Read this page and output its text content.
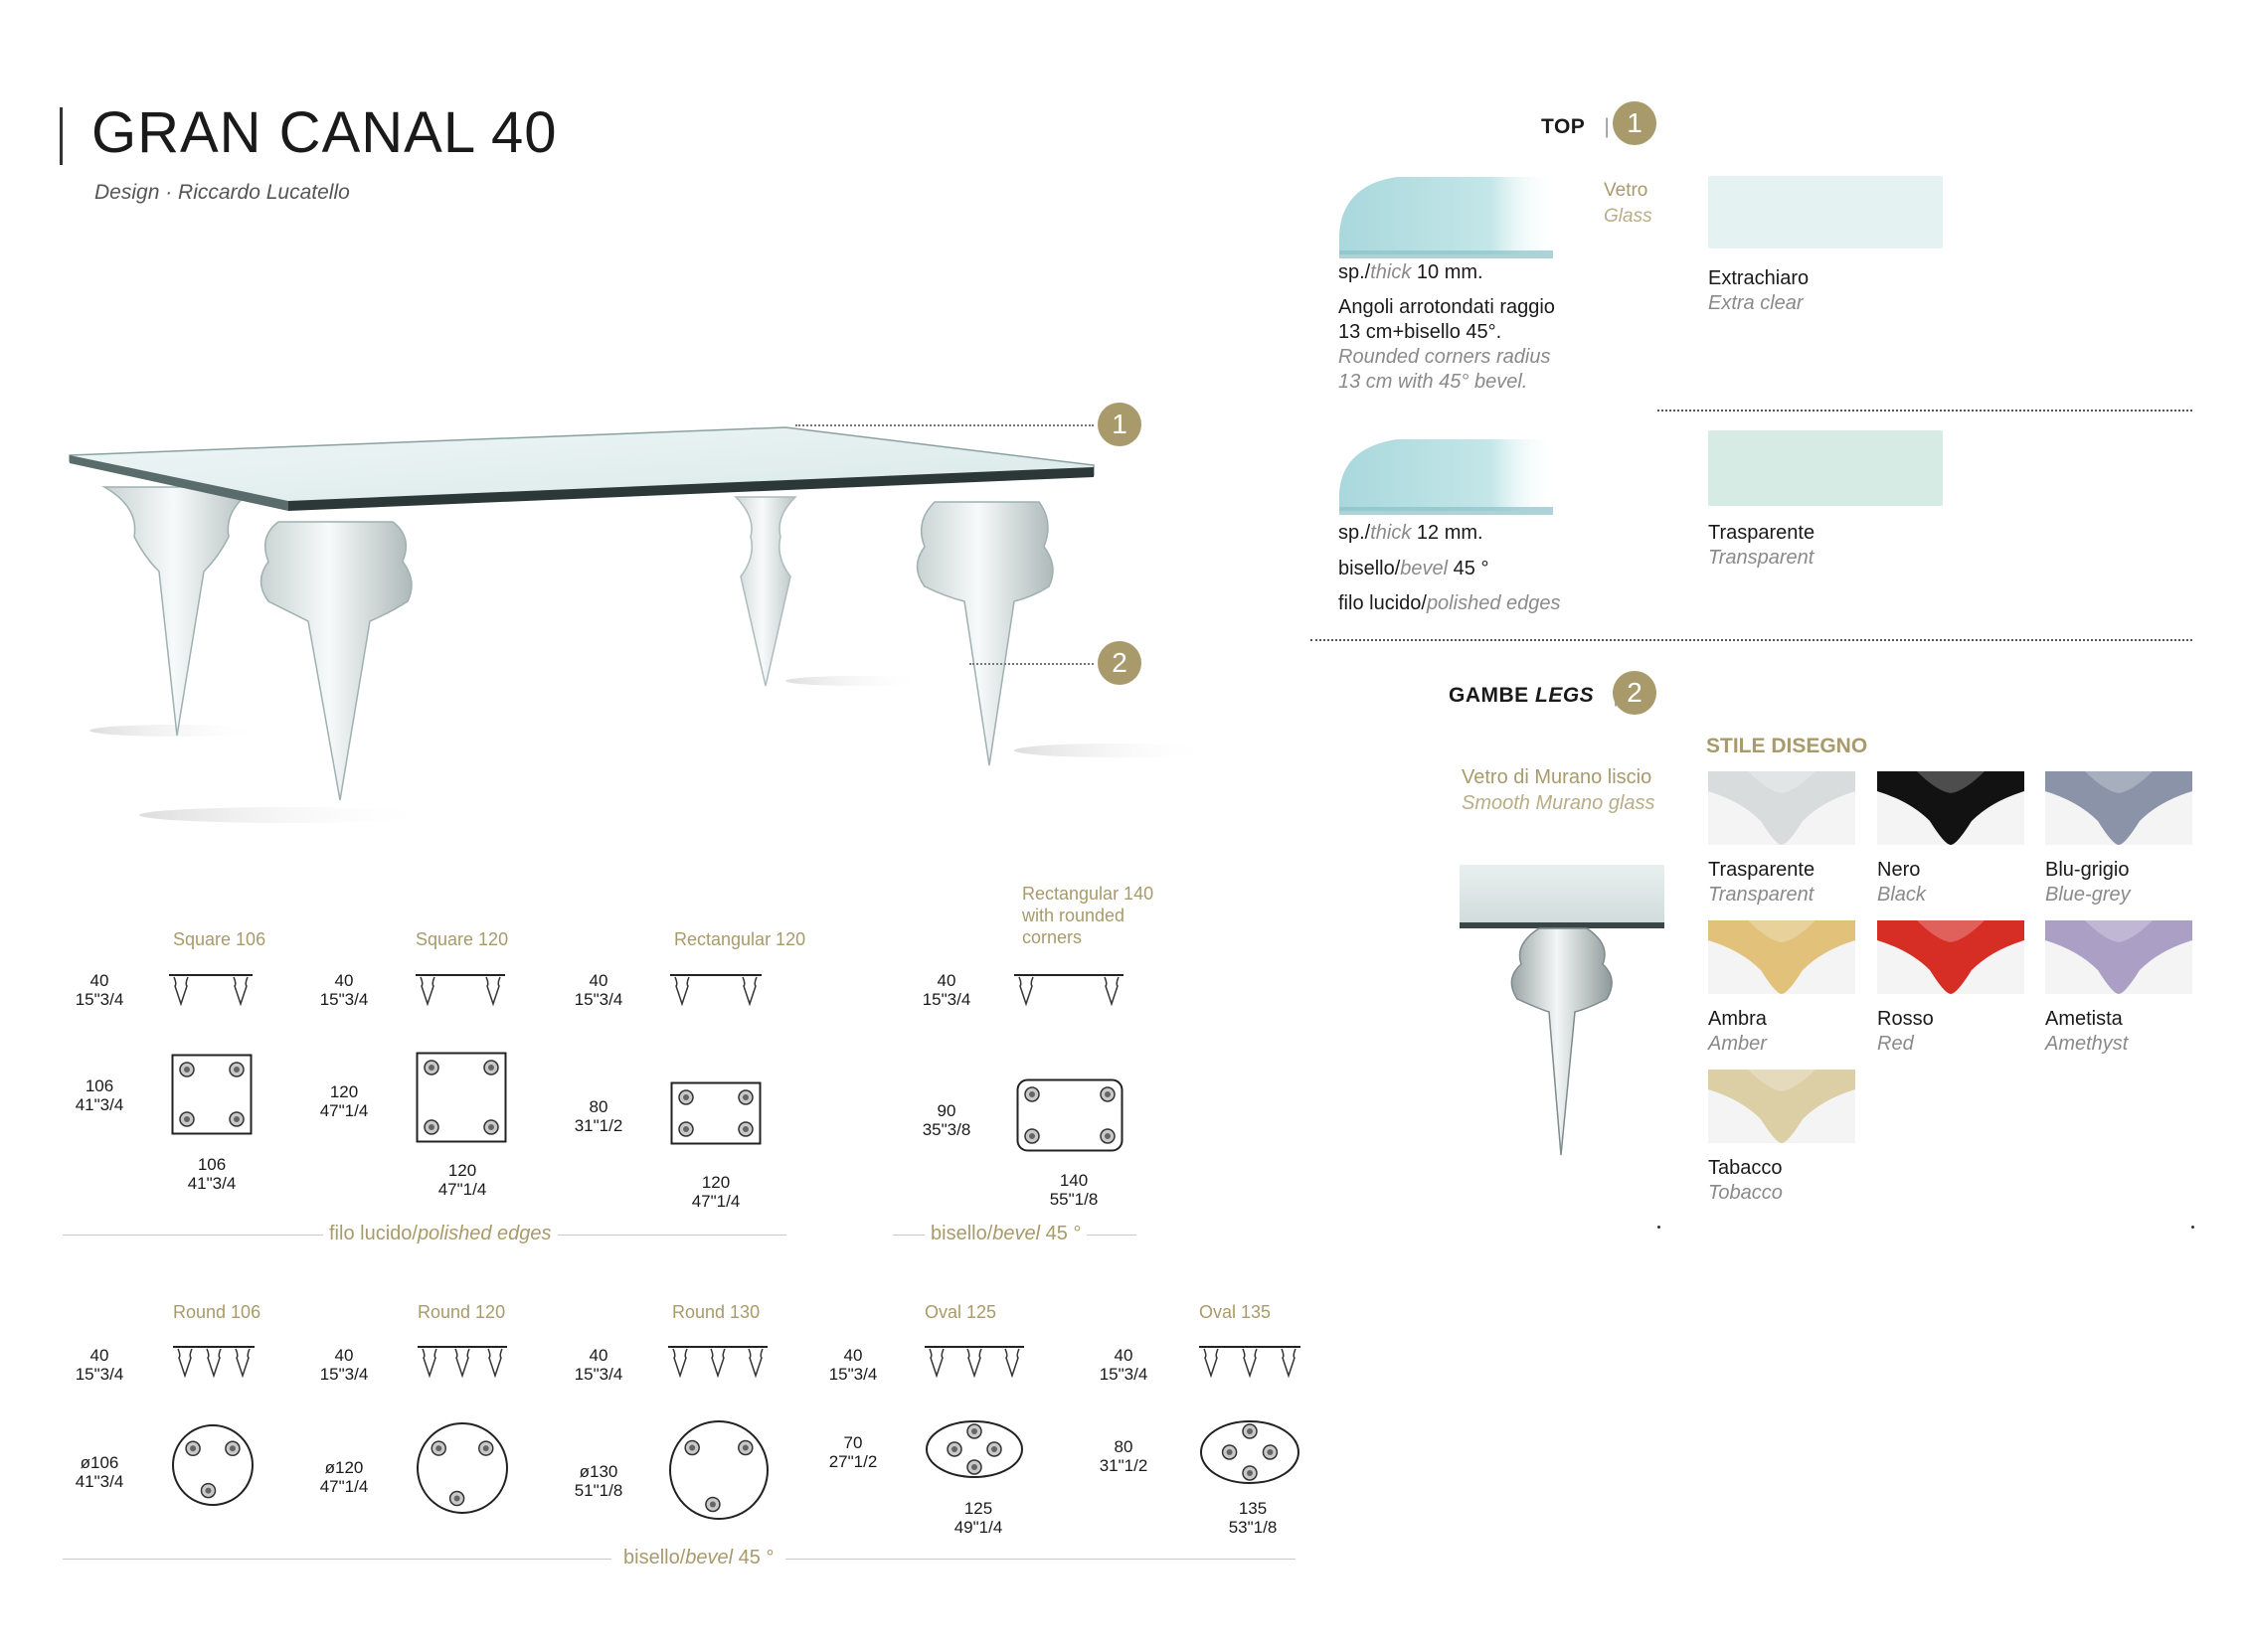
GRAN CANAL 40
Design · Riccardo Lucatello
1
2
TOP | 1
Vetro
Glass
sp./thick 10 mm.
Angoli arrotondati raggio
13 cm+bisello 45°.
Rounded corners radius
13 cm with 45° bevel.
Extrachiaro
Extra clear
Trasparente
Transparent
sp./thick 12 mm.
bisello/bevel 45 °
filo lucido/polished edges
GAMBE LEGS	2
STILE DISEGNO
Vetro di Murano liscio
Smooth Murano glass
Trasparente
Transparent
Nero
Black
Blu-grigio
Blue-grey
Ambra
Amber
Rosso
Red
Ametista
Amethyst
Tabacco
Tobacco
Square 106
40
15"3/4
106
41"3/4
106
41"3/4
Square 120
40
15"3/4
120
47"1/4
120
47"1/4
Rectangular 120
40
15"3/4
80
31"1/2
120
47"1/4
Rectangular 140
with rounded
corners
40
15"3/4
90
35"3/8
140
55"1/8
filo lucido/polished edges	bisello/bevel 45 °
Round 106
40
15"3/4
ø106
41"3/4
Round 120
40
15"3/4
ø120
47"1/4
Round 130
40
15"3/4
ø130
51"1/8
Oval 125
40
15"3/4
70
27"1/2
125
49"1/4
Oval 135
40
15"3/4
80
31"1/2
135
53"1/8
bisello/bevel 45 °
